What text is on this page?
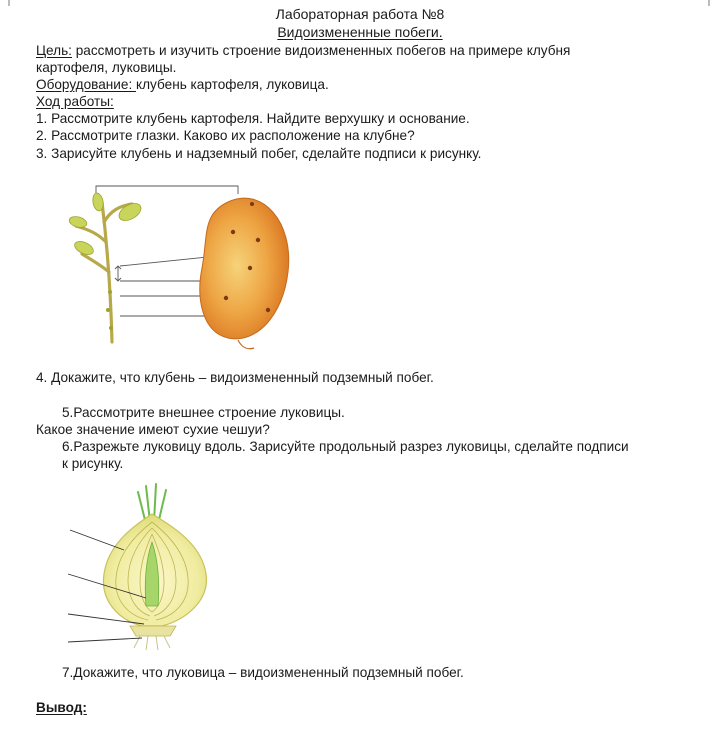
Лабораторная работа №8
Видоизмененные побеги.
Цель: рассмотреть и изучить строение видоизмененных побегов на примере клубня
картофеля, луковицы.
Оборудование: клубень картофеля, луковица.
Ход работы:
1. Рассмотрите клубень картофеля. Найдите верхушку и основание.
2. Рассмотрите глазки. Каково их расположение на клубне?
3. Зарисуйте клубень и надземный побег, сделайте подписи к рисунку.
4. Докажите, что клубень – видоизмененный подземный побег.
5.Рассмотрите внешнее строение луковицы.
Какое значение имеют сухие чешуи?
6.Разрежьте луковицу вдоль. Зарисуйте продольный разрез луковицы, сделайте подписи
к рисунку.
7.Докажите, что луковица – видоизмененный подземный побег.
Вывод:
